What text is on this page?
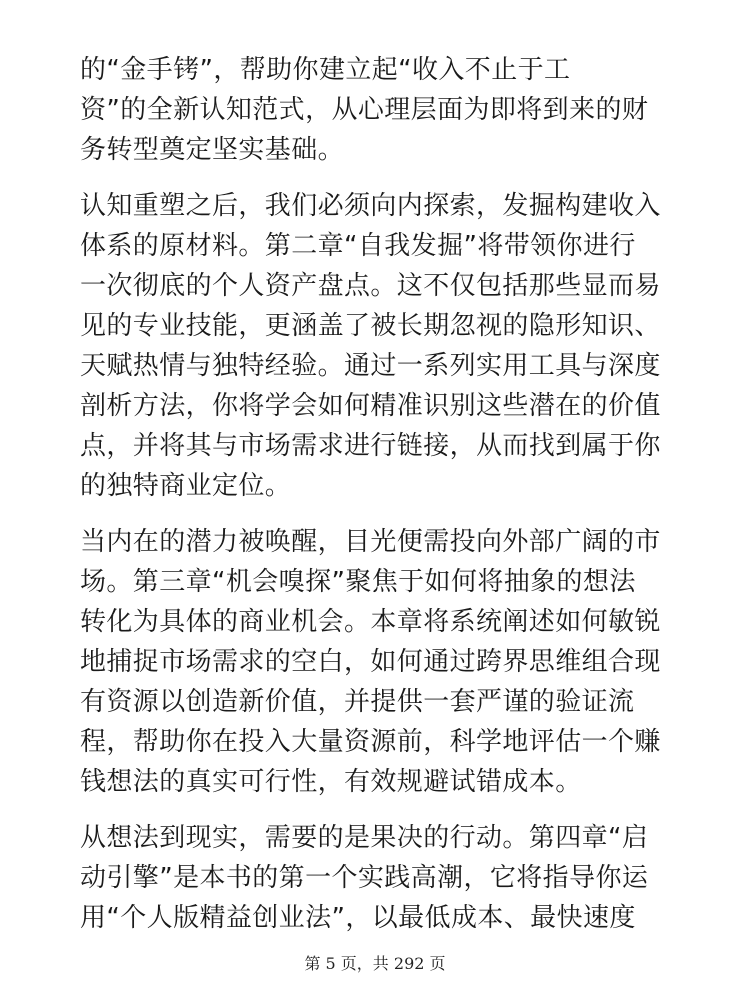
的“金手铐”，帮助你建立起“收入不止于工
资”的全新认知范式，从心理层面为即将到来的财
务转型奠定坚实基础。
认知重塑之后，我们必须向内探索，发掘构建收入
体系的原材料。第二章“自我发掘”将带领你进行
一次彻底的个人资产盘点。这不仅包括那些显而易
见的专业技能，更涵盖了被长期忽视的隐形知识、
天赋热情与独特经验。通过一系列实用工具与深度
剖析方法，你将学会如何精准识别这些潜在的价值
点，并将其与市场需求进行链接，从而找到属于你
的独特商业定位。
当内在的潜力被唤醒，目光便需投向外部广阔的市
场。第三章“机会嗅探”聚焦于如何将抽象的想法
转化为具体的商业机会。本章将系统阐述如何敏锐
地捕捉市场需求的空白，如何通过跨界思维组合现
有资源以创造新价值，并提供一套严谨的验证流
程，帮助你在投入大量资源前，科学地评估一个赚
钱想法的真实可行性，有效规避试错成本。
从想法到现实，需要的是果决的行动。第四章“启
动引擎”是本书的第一个实践高潮，它将指导你运
用“个人版精益创业法”，以最低成本、最快速度
第 5 页，共 292 页
